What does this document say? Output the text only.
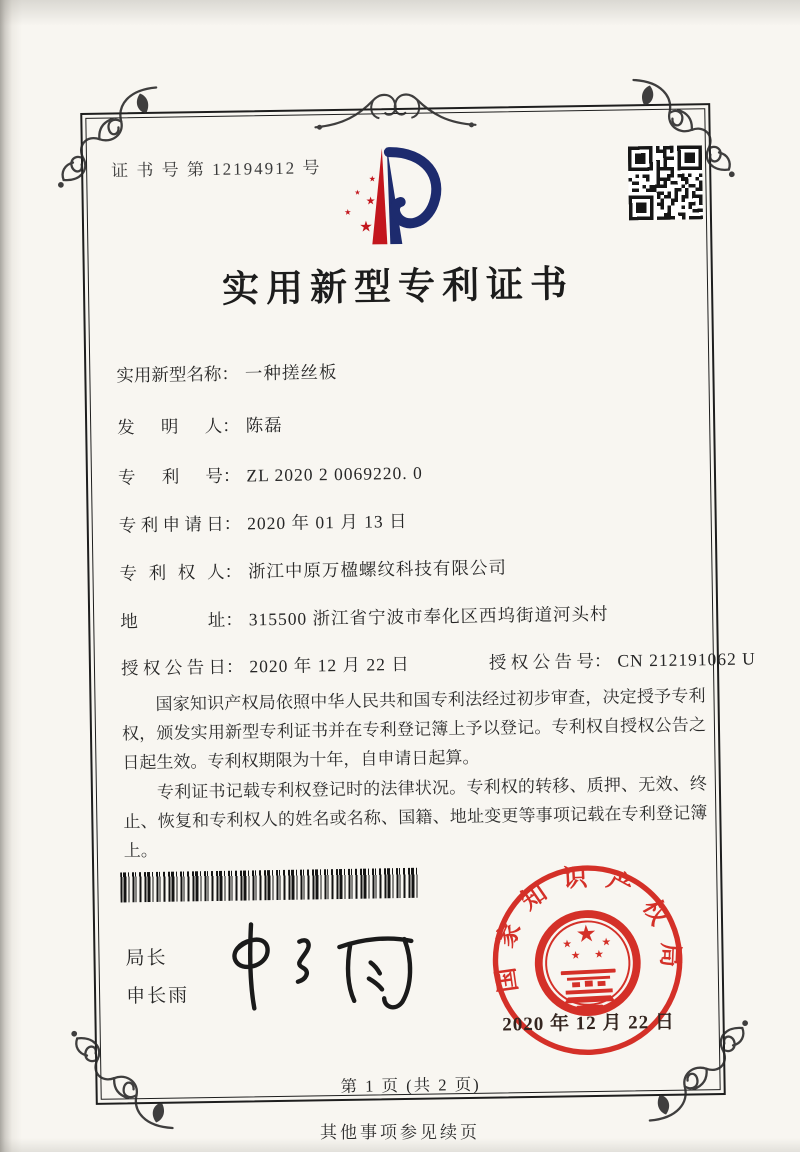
证 书 号 第 12194912 号	★
★
★
★
★
实用新型专利证书
实用新型名称： 一种搓丝板
发明人： 陈磊
专利号： ZL 2020 2 0069220. 0
专利申请日： 2020 年 01 月 13 日
专利权人： 浙江中原万楹螺纹科技有限公司
地址： 315500 浙江省宁波市奉化区西坞街道河头村
授权公告日： 2020 年 12 月 22 日	授权公告号： CN 212191062 U

国家知识产权局依照中华人民共和国专利法经过初步审查，决定授予专利权，颁发实用新型专利证书并在专利登记簿上予以登记。专利权自授权公告之日起生效。专利权期限为十年，自申请日起算。

专利证书记载专利权登记时的法律状况。专利权的转移、质押、无效、终止、恢复和专利权人的姓名或名称、国籍、地址变更等事项记载在专利登记簿上。

局长
申长雨
国家知识产权局
★
★	★
★ ★
2020 年 12 月 22 日
第 1 页 (共 2 页)
其他事项参见续页
